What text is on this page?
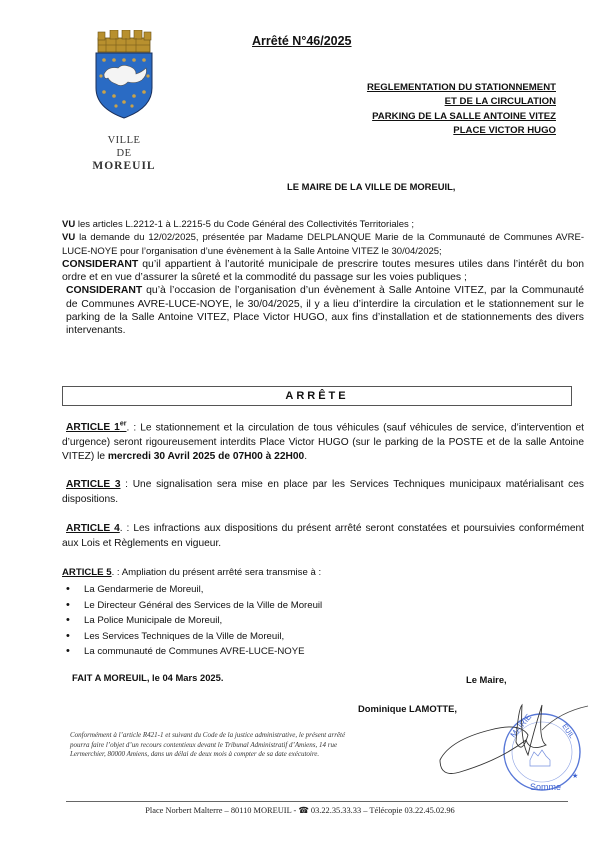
VILLE
DE
MOREUIL
Arrêté N°46/2025
REGLEMENTATION DU STATIONNEMENT
ET DE LA CIRCULATION
PARKING DE LA SALLE ANTOINE VITEZ
PLACE VICTOR HUGO
LE MAIRE DE LA VILLE DE MOREUIL,

VU les articles L.2212-1 à L.2215-5 du Code Général des Collectivités Territoriales ;

VU la demande du 12/02/2025, présentée par Madame DELPLANQUE Marie de la Communauté de Communes AVRE-LUCE-NOYE pour l’organisation d’une évènement à la Salle Antoine VITEZ le 30/04/2025;

CONSIDERANT qu’il appartient à l’autorité municipale de prescrire toutes mesures utiles dans l’intérêt du bon ordre et en vue d’assurer la sûreté et la commodité du passage sur les voies publiques ;

CONSIDERANT qu’à l’occasion de l’organisation d’un évènement à Salle Antoine VITEZ, par la Communauté de Communes AVRE-LUCE-NOYE, le 30/04/2025, il y a lieu d’interdire la circulation et le stationnement sur le parking de la Salle Antoine VITEZ, Place Victor HUGO, aux fins d’installation et de stationnements des divers intervenants.

ARRÊTE

ARTICLE 1er. : Le stationnement et la circulation de tous véhicules (sauf véhicules de service, d’intervention et d’urgence) seront rigoureusement interdits Place Victor HUGO (sur le parking de la POSTE et de la salle Antoine VITEZ) le mercredi 30 Avril 2025 de 07H00 à 22H00.

ARTICLE 3 : Une signalisation sera mise en place par les Services Techniques municipaux matérialisant ces dispositions.

ARTICLE 4. : Les infractions aux dispositions du présent arrêté seront constatées et poursuivies conformément aux Lois et Règlements en vigueur.

ARTICLE 5. : Ampliation du présent arrêté sera transmise à :

• La Gendarmerie de Moreuil,
• Le Directeur Général des Services de la Ville de Moreuil
• La Police Municipale de Moreuil,
• Les Services Techniques de la Ville de Moreuil,
• La communauté de Communes AVRE-LUCE-NOYE
FAIT A MOREUIL, le 04 Mars 2025.	Le Maire,
Dominique LAMOTTE,
Conformément à l’article R421-1 et suivant du Code de la justice administrative, le présent arrêté pourra faire l’objet d’un recours contentieux devant le Tribunal Administratif d’Amiens, 14 rue Lermerchier, 80000 Amiens, dans un délai de deux mois à compter de sa date exécutoire.
MAIRIE	EUIL
Somme
★
Place Norbert Malterre – 80110 MOREUIL - ☎ 03.22.35.33.33 – Télécopie 03.22.45.02.96
